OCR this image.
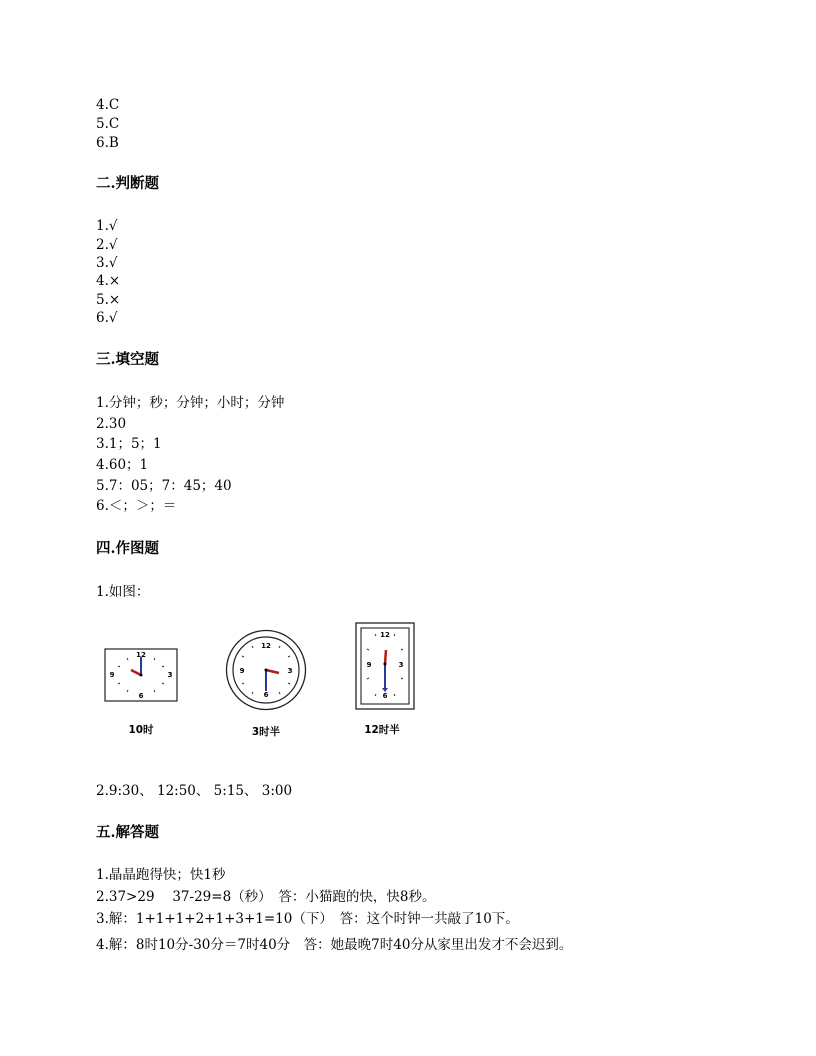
4.C
5.C
6.B
二.判断题
1.√
2.√
3.√
4.×
5.×
6.√
三.填空题
1.分钟；秒；分钟；小时；分钟
2.30
3.1；5；1
4.60；1
5.7：05；7：45；40
6.＜；＞；＝
四.作图题
1.如图：
12
3
6
9
10时
12
3
6
9
3时半
12
3
6
9
12时半
2.9:30、 12:50、 5:15、 3:00
五.解答题
1.晶晶跑得快；快1秒
2.37>29　 37-29=8（秒）　答：小猫跑的快，快8秒。
3.解：1+1+1+2+1+3+1=10（下）　答：这个时钟一共敲了10下。
4.解：8时10分-30分＝7时40分　答：她最晚7时40分从家里出发才不会迟到。
